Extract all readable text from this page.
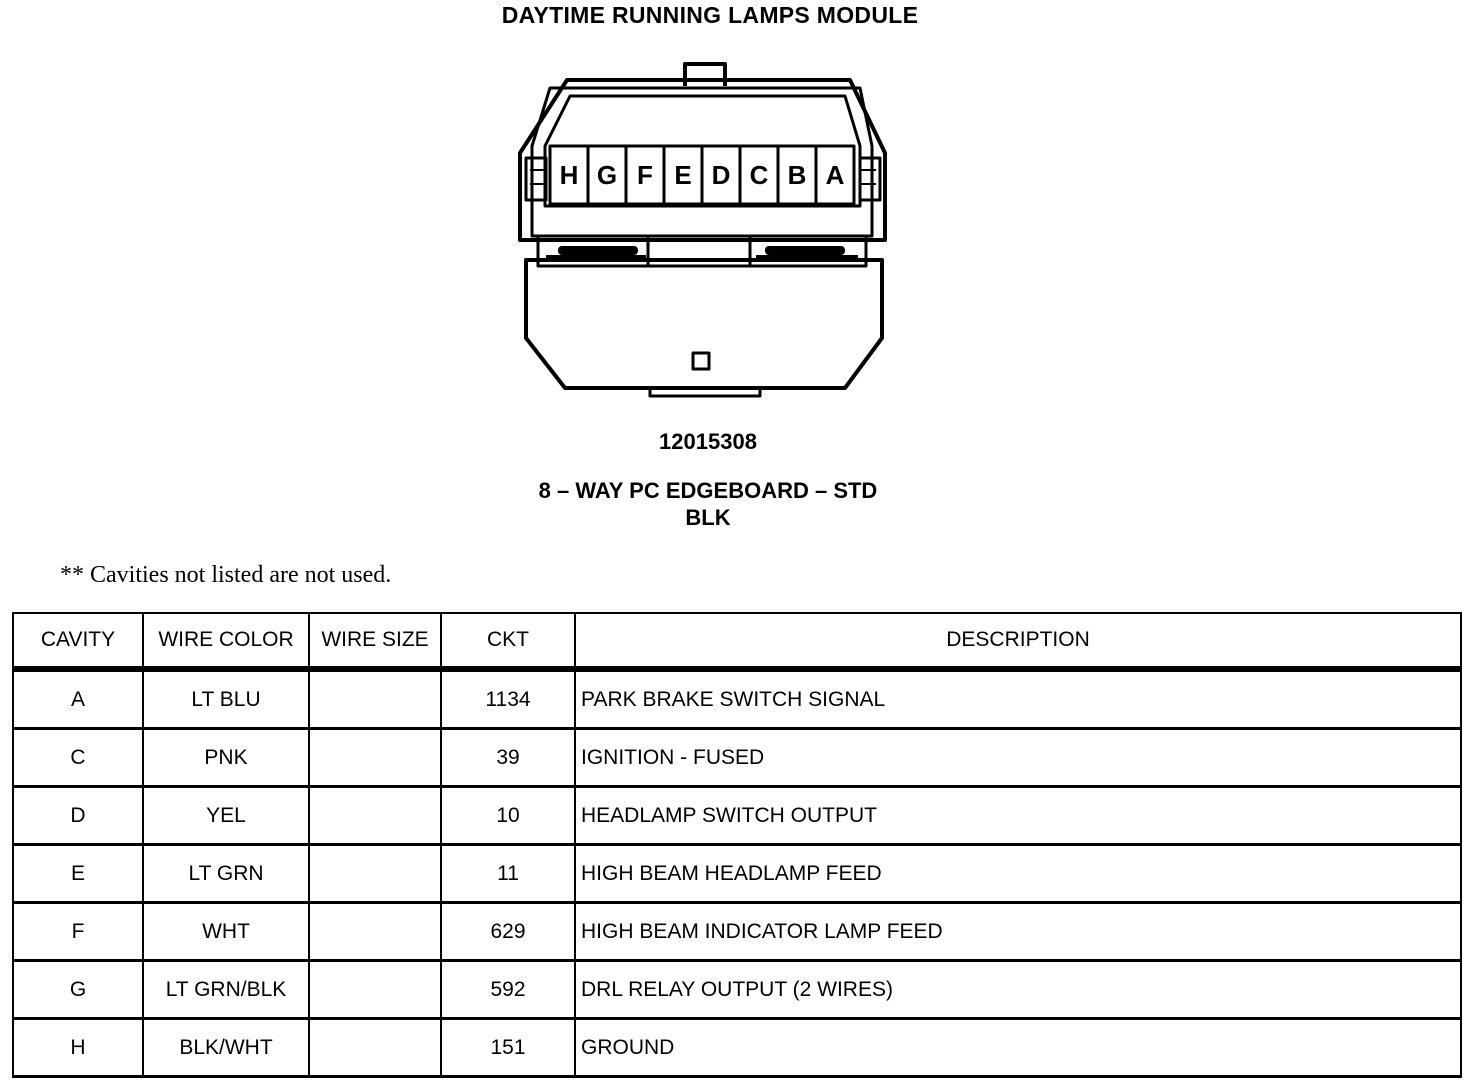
DAYTIME RUNNING LAMPS MODULE
H G F E D C B A
12015308
8 – WAY PC EDGEBOARD – STD
BLK
** Cavities not listed are not used.
CAVITY	WIRE COLOR	WIRE SIZE	CKT	DESCRIPTION
A	LT BLU		1134	PARK BRAKE SWITCH SIGNAL
C	PNK		39	IGNITION - FUSED
D	YEL		10	HEADLAMP SWITCH OUTPUT
E	LT GRN		11	HIGH BEAM HEADLAMP FEED
F	WHT		629	HIGH BEAM INDICATOR LAMP FEED
G	LT GRN/BLK		592	DRL RELAY OUTPUT (2 WIRES)
H	BLK/WHT		151	GROUND
